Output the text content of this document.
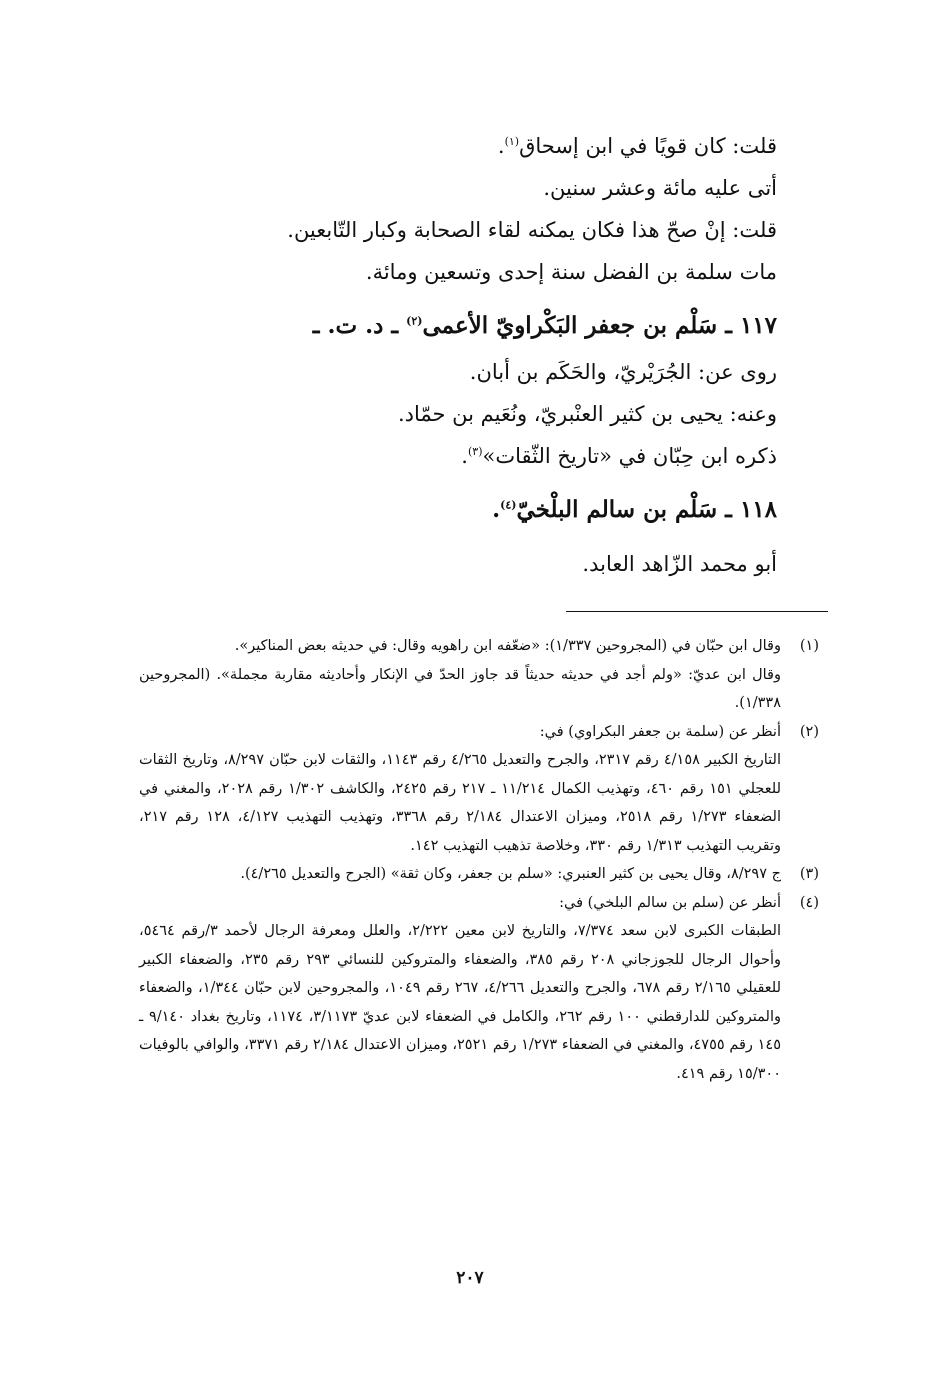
قلت: كان قويًا في ابن إسحاق$^{(١)}$.
أتى عليه مائة وعشر سنين.
قلت: إنْ صحّ هذا فكان يمكنه لقاء الصحابة وكبار التّابعين.
مات سلمة بن الفضل سنة إحدى وتسعين ومائة.
١١٧ ـ سَلْم بن جعفر البَكْراويّ الأعمى$^{(٢)}$ ـ د. ت. ـ
روى عن: الجُرَيْريّ، والحَكَم بن أبان.
وعنه: يحيى بن كثير العنْبريّ، ونُعَيم بن حمّاد.
ذكره ابن حِبّان في «تاريخ الثّقات»$^{(٣)}$.
١١٨ ـ سَلْم بن سالم البلْخيّ$^{(٤)}$.
أبو محمد الزّاهد العابد.
(١)

وقال ابن حبّان في (المجروحين ١/٣٣٧): «ضعّفه ابن راهويه وقال: في حديثه بعض المناكير».

وقال ابن عديّ: «ولم أجد في حديثه حديثاً قد جاوز الحدّ في الإنكار وأحاديثه مقاربة مجملة». (المجروحين ١/٣٣٨).

(٢)

أنظر عن (سلمة بن جعفر البكراوي) في:

التاريخ الكبير ٤/١٥٨ رقم ٢٣١٧، والجرح والتعديل ٤/٢٦٥ رقم ١١٤٣، والثقات لابن حبّان ٨/٢٩٧، وتاريخ الثقات للعجلي ١٥١ رقم ٤٦٠، وتهذيب الكمال ١١/٢١٤ ـ ٢١٧ رقم ٢٤٢٥، والكاشف ١/٣٠٢ رقم ٢٠٢٨، والمغني في الضعفاء ١/٢٧٣ رقم ٢٥١٨، وميزان الاعتدال ٢/١٨٤ رقم ٣٣٦٨، وتهذيب التهذيب ٤/١٢٧، ١٢٨ رقم ٢١٧، وتقريب التهذيب ١/٣١٣ رقم ٣٣٠، وخلاصة تذهيب التهذيب ١٤٢.

(٣)

ج ٨/٢٩٧، وقال يحيى بن كثير العنبري: «سلم بن جعفر، وكان ثقة» (الجرح والتعديل ٤/٢٦٥).

(٤)

أنظر عن (سلم بن سالم البلخي) في:

الطبقات الكبرى لابن سعد ٧/٣٧٤، والتاريخ لابن معين ٢/٢٢٢، والعلل ومعرفة الرجال لأحمد ٣/رقم ٥٤٦٤، وأحوال الرجال للجوزجاني ٢٠٨ رقم ٣٨٥، والضعفاء والمتروكين للنسائي ٢٩٣ رقم ٢٣٥، والضعفاء الكبير للعقيلي ٢/١٦٥ رقم ٦٧٨، والجرح والتعديل ٤/٢٦٦، ٢٦٧ رقم ١٠٤٩، والمجروحين لابن حبّان ١/٣٤٤، والضعفاء والمتروكين للدارقطني ١٠٠ رقم ٢٦٢، والكامل في الضعفاء لابن عديّ ٣/١١٧٣، ١١٧٤، وتاريخ بغداد ٩/١٤٠ ـ ١٤٥ رقم ٤٧٥٥، والمغني في الضعفاء ١/٢٧٣ رقم ٢٥٢١، وميزان الاعتدال ٢/١٨٤ رقم ٣٣٧١، والوافي بالوفيات ١٥/٣٠٠ رقم ٤١٩.

٢٠٧
